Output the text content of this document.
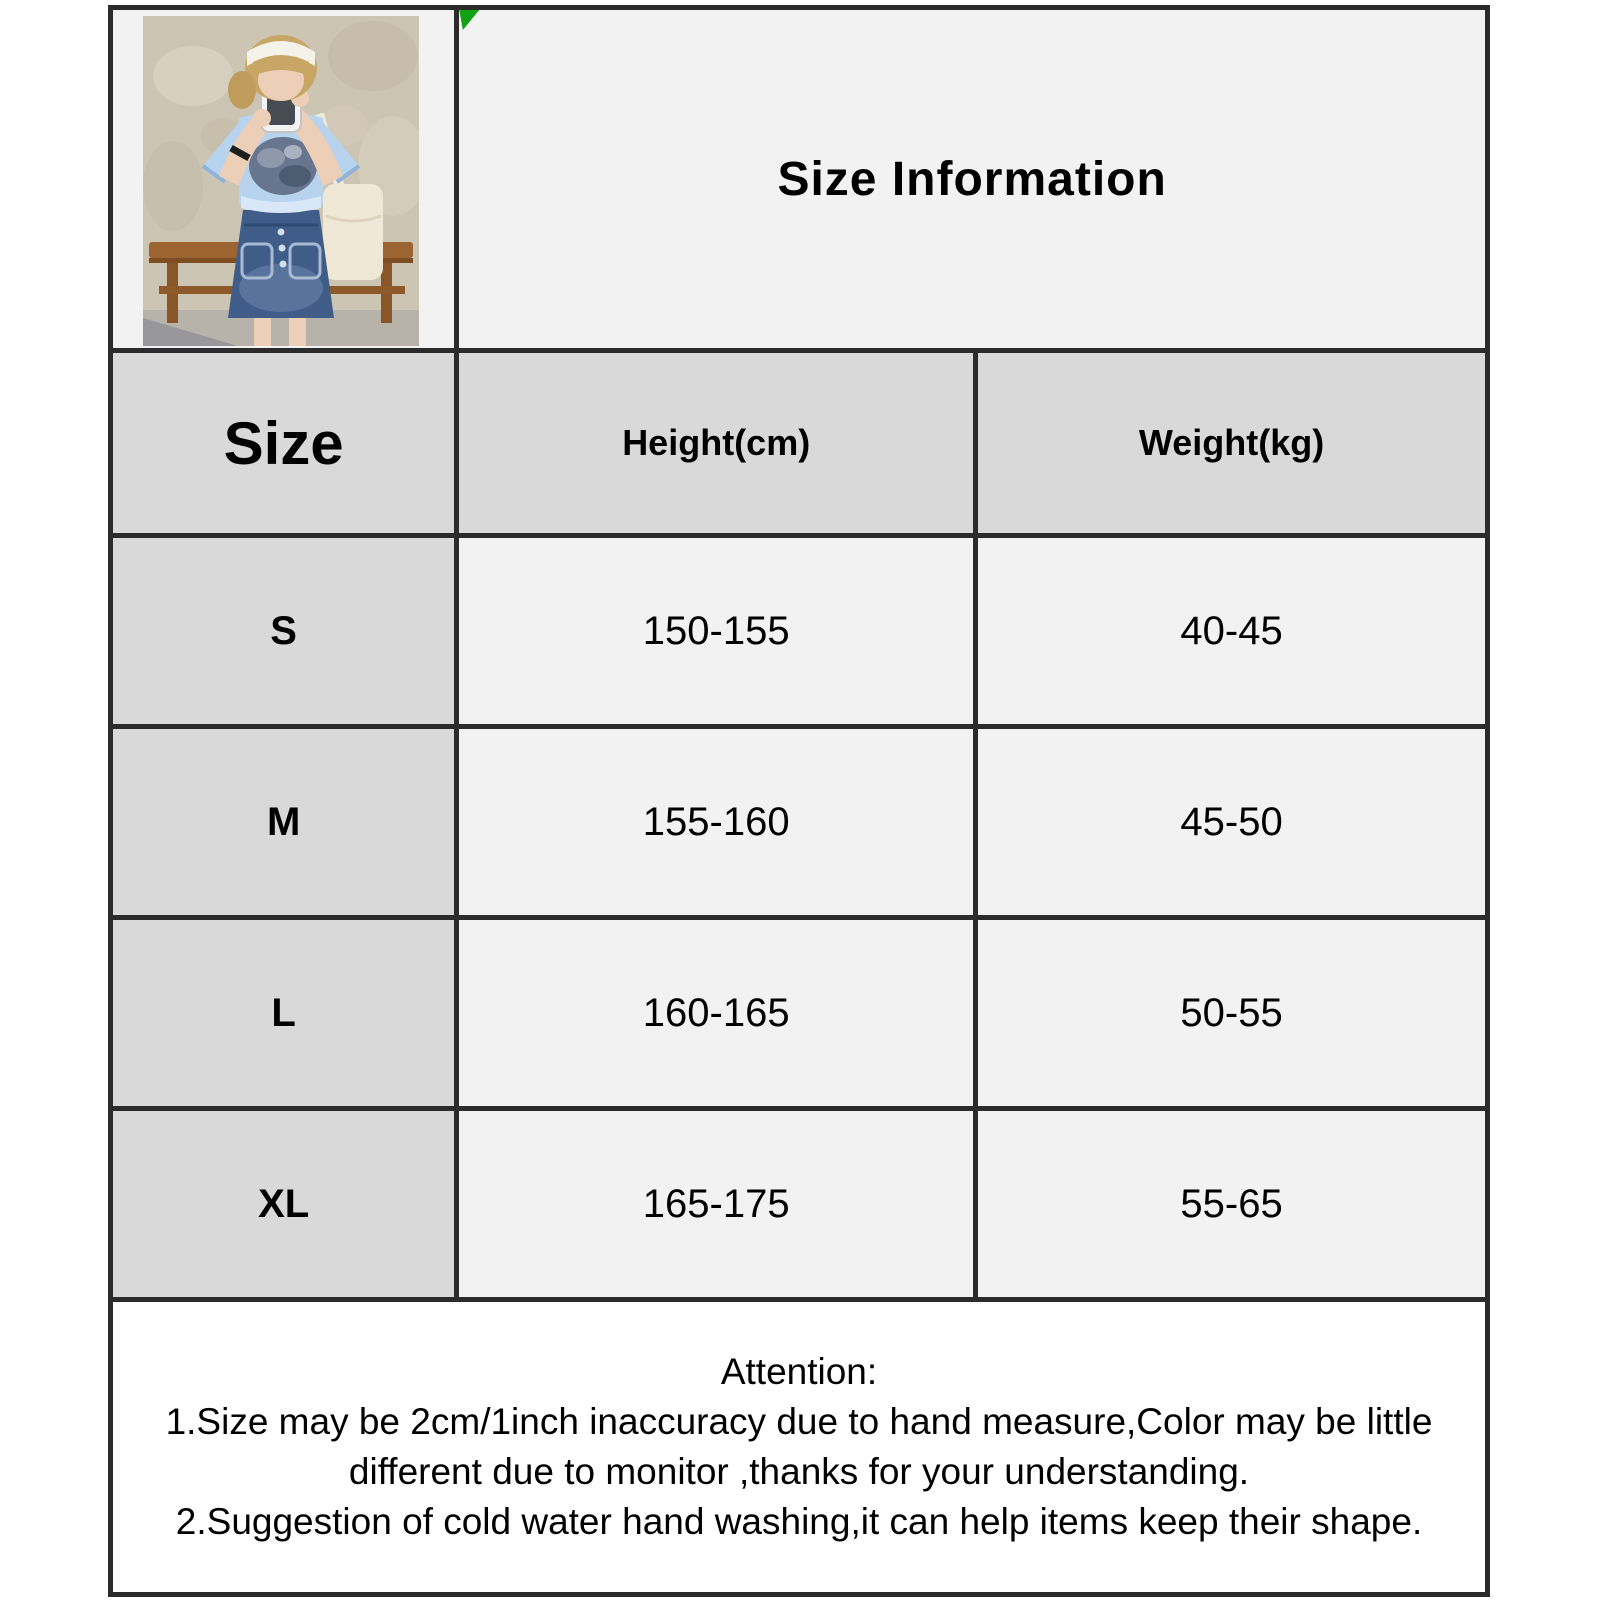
Size Information	
Size	Height(cm)	Weight(kg)
S	150-155	40-45
M	155-160	45-50
L	160-165	50-55
XL	165-175	55-65

Attention:
1.Size may be 2cm/1inch inaccuracy due to hand measure,Color may be little
different due to monitor ,thanks for your understanding.
2.Suggestion of cold water hand washing,it can help items keep their shape.		
